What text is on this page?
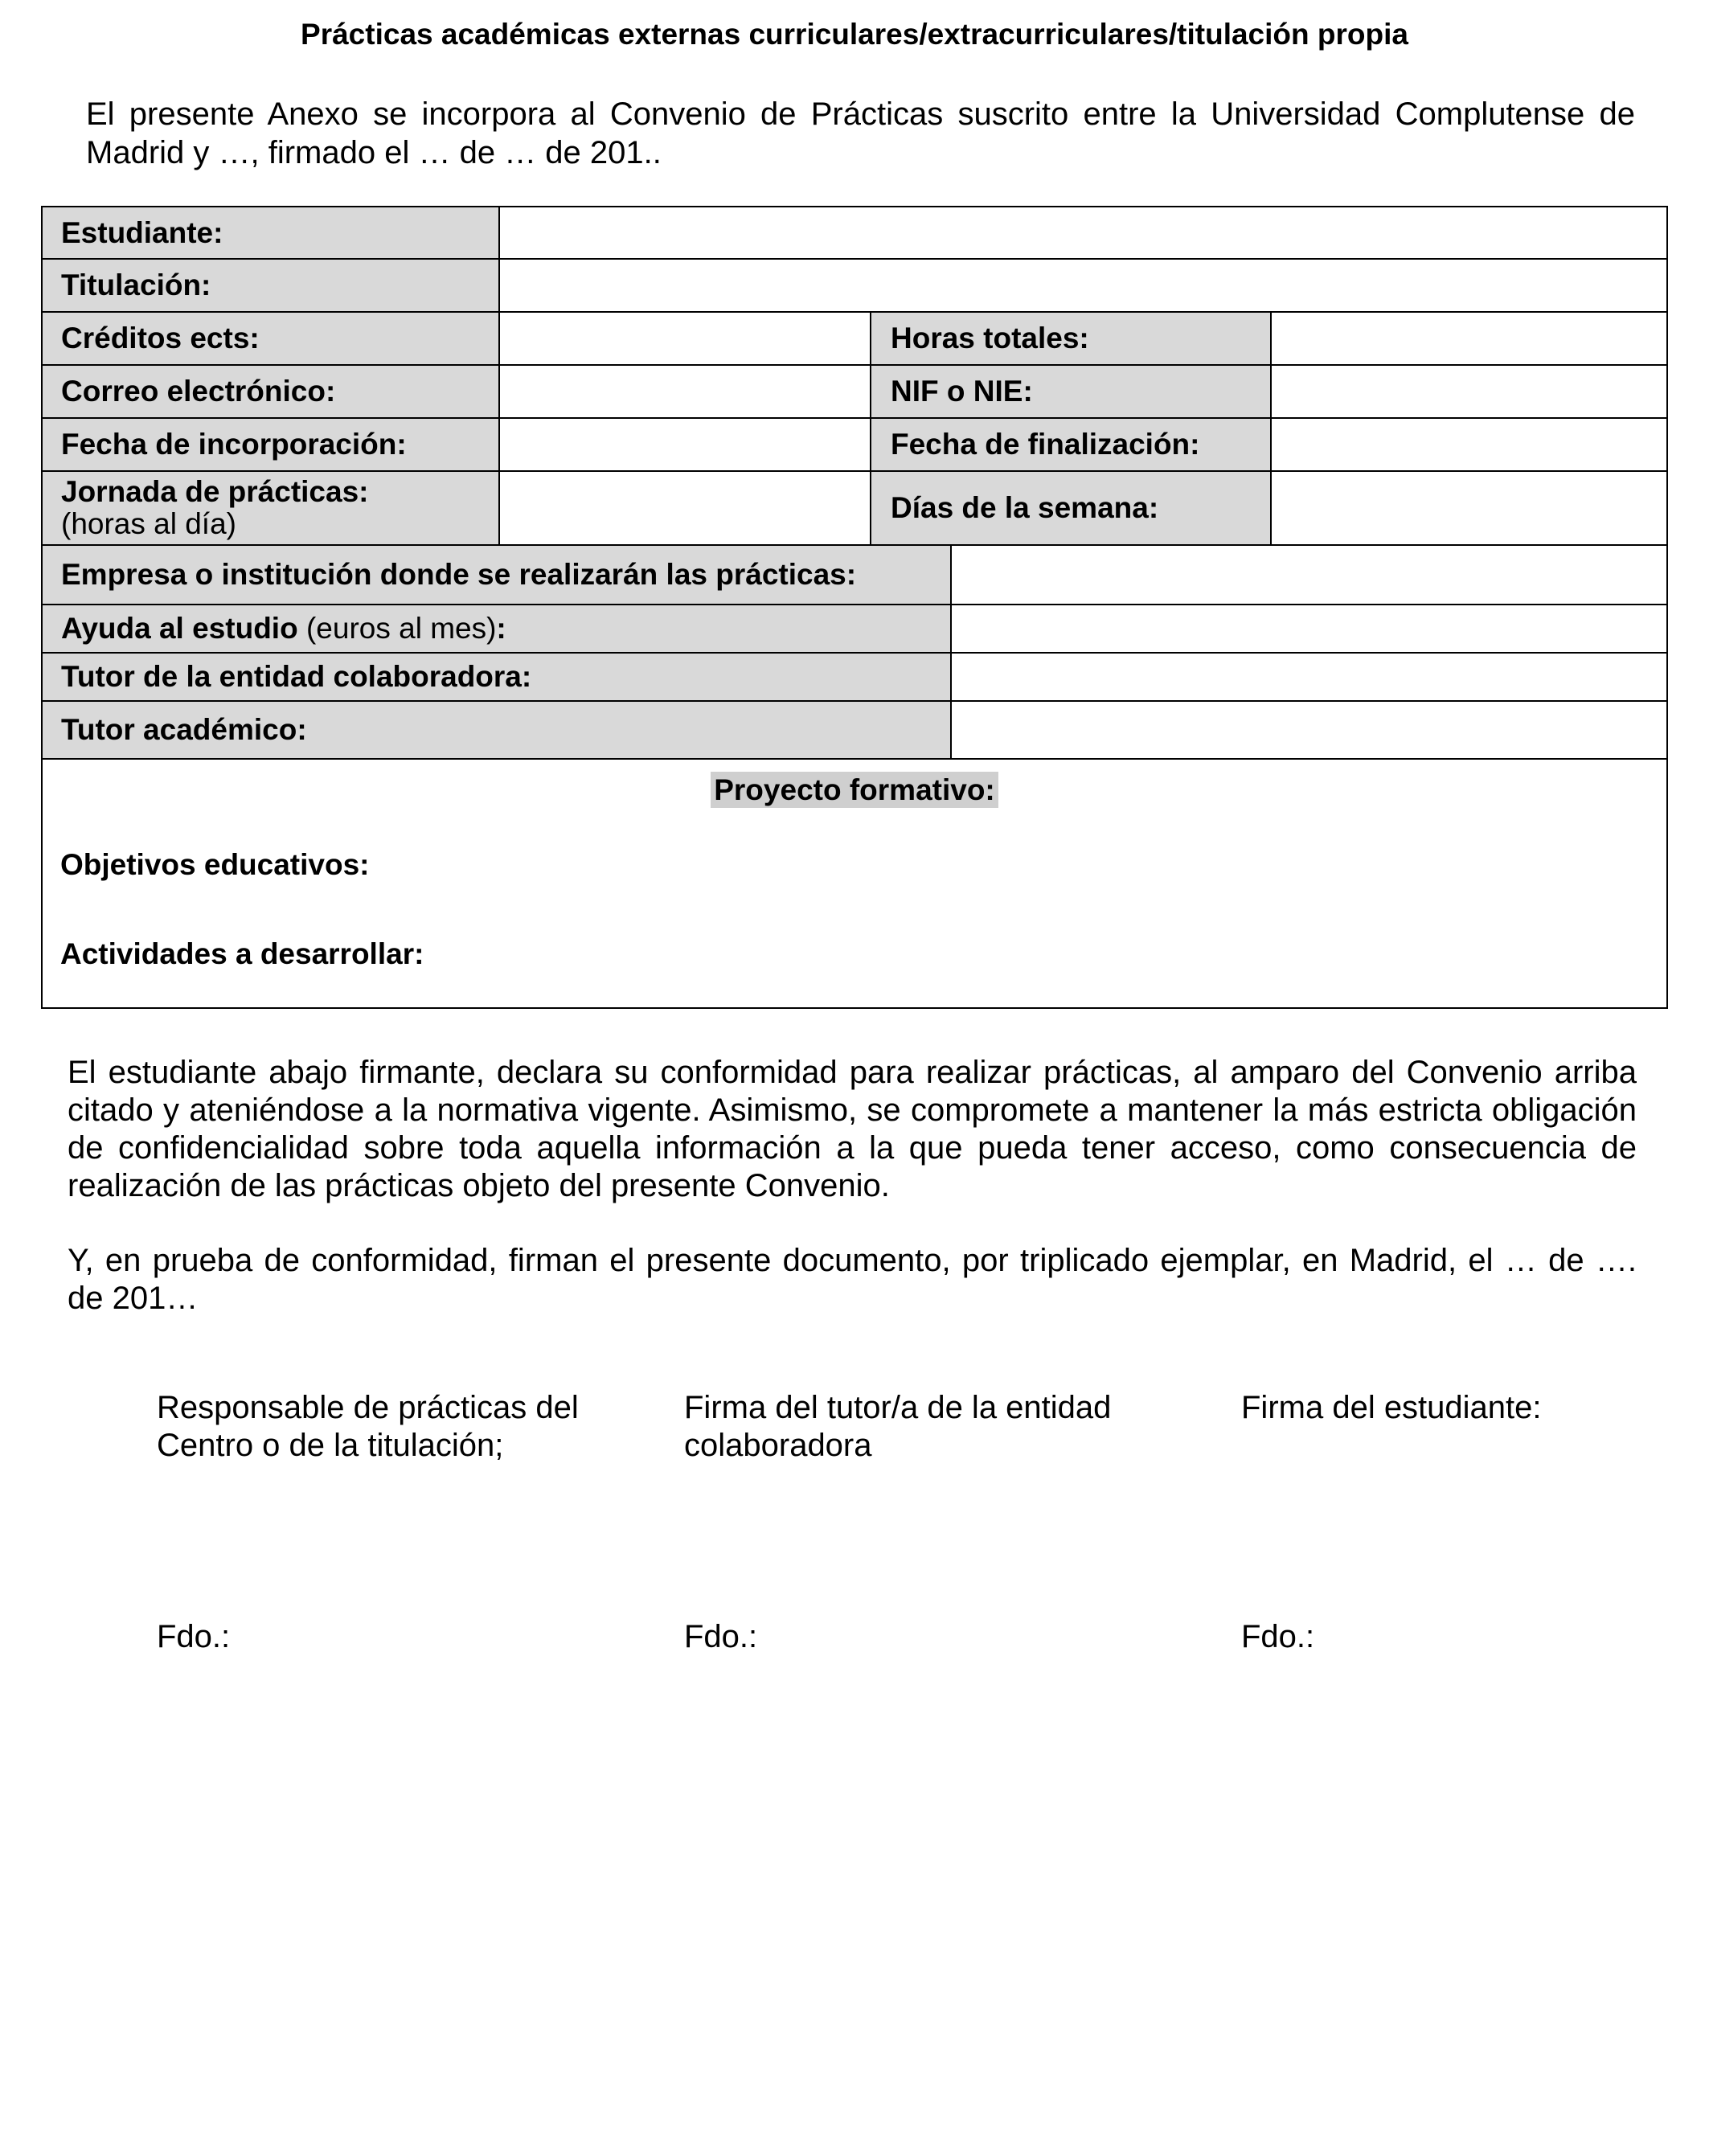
Prácticas académicas externas curriculares/extracurriculares/titulación propia
El presente Anexo se incorpora al Convenio de Prácticas suscrito entre la Universidad Complutense de Madrid y …, firmado el … de … de 201..
Estudiante:
Titulación:
Créditos ects:	Horas totales:
Correo electrónico:	NIF o NIE:
Fecha de incorporación:	Fecha de finalización:
Jornada de prácticas:
(horas al día)	Días de la semana:
Empresa o institución donde se realizarán las prácticas:
Ayuda al estudio
(euros al mes) :
Tutor de la entidad colaboradora:
Tutor académico:
Proyecto formativo:
Objetivos educativos:
Actividades a desarrollar:
El estudiante abajo firmante, declara su conformidad para realizar prácticas, al amparo del Convenio arriba citado y ateniéndose a la normativa vigente. Asimismo, se compromete a mantener la más estricta obligación de confidencialidad sobre toda aquella información a la que pueda tener acceso, como consecuencia de realización de las prácticas objeto del presente Convenio.
Y, en prueba de conformidad, firman el presente documento, por triplicado ejemplar, en Madrid, el … de …. de 201…
Responsable de prácticas del
Centro o de la titulación;
Firma del tutor/a de la entidad
colaboradora
Firma del estudiante:
Fdo.:	Fdo.:	Fdo.:
